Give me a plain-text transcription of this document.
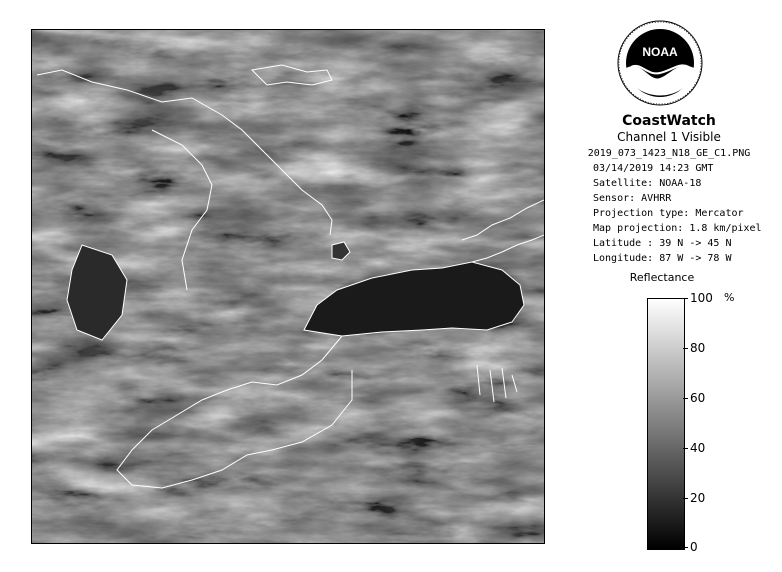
NOAA
CoastWatch
Channel 1 Visible
2019_073_1423_N18_GE_C1.PNG
03/14/2019 14:23 GMT
Satellite: NOAA-18
Sensor: AVHRR
Projection type: Mercator
Map projection: 1.8 km/pixel
Latitude : 39 N -> 45 N
Longitude: 87 W -> 78 W
Reflectance
%
100
80
60
40
20
0
